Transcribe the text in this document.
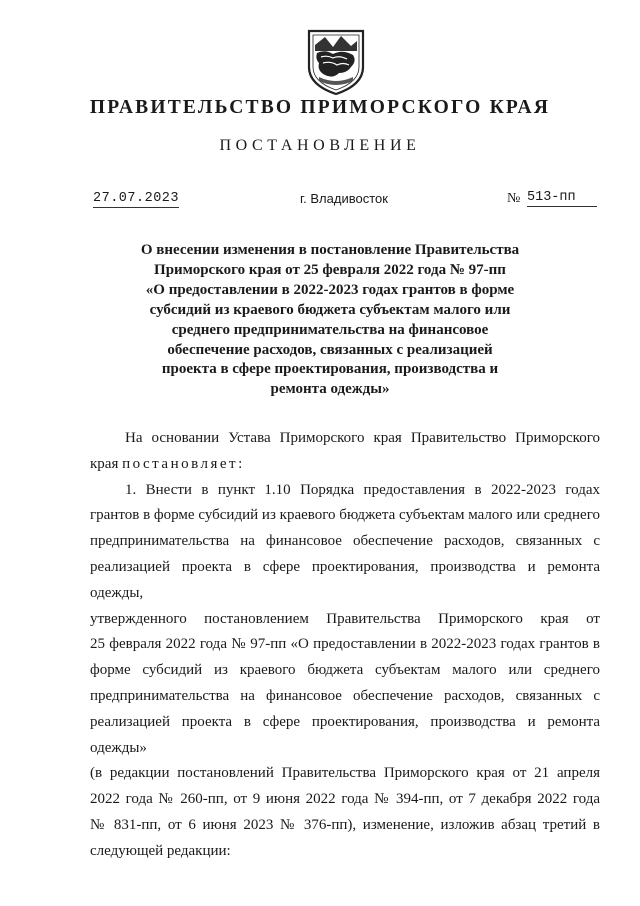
ПРАВИТЕЛЬСТВО ПРИМОРСКОГО КРАЯ
ПОСТАНОВЛЕНИЕ
27.07.2023	г. Владивосток	№ 513-пп
О внесении изменения в постановление Правительства
Приморского края от 25 февраля 2022 года № 97-пп
«О предоставлении в 2022-2023 годах грантов в форме
субсидий из краевого бюджета субъектам малого или
среднего предпринимательства на финансовое
обеспечение расходов, связанных с реализацией
проекта в сфере проектирования, производства и
ремонта одежды»
На основании Устава Приморского края Правительство Приморского
края постановляет:
1. Внести в пункт 1.10 Порядка предоставления в 2022-2023 годах
грантов в форме субсидий из краевого бюджета субъектам малого или среднего
предпринимательства на финансовое обеспечение расходов, связанных с
реализацией проекта в сфере проектирования, производства и ремонта одежды,
утвержденного постановлением Правительства Приморского края от
25 февраля 2022 года № 97-пп «О предоставлении в 2022-2023 годах грантов в
форме субсидий из краевого бюджета субъектам малого или среднего
предпринимательства на финансовое обеспечение расходов, связанных с
реализацией проекта в сфере проектирования, производства и ремонта одежды»
(в редакции постановлений Правительства Приморского края от 21 апреля
2022 года № 260-пп, от 9 июня 2022 года № 394-пп, от 7 декабря 2022 года
№ 831-пп, от 6 июня 2023 № 376-пп), изменение, изложив абзац третий в
следующей редакции:
